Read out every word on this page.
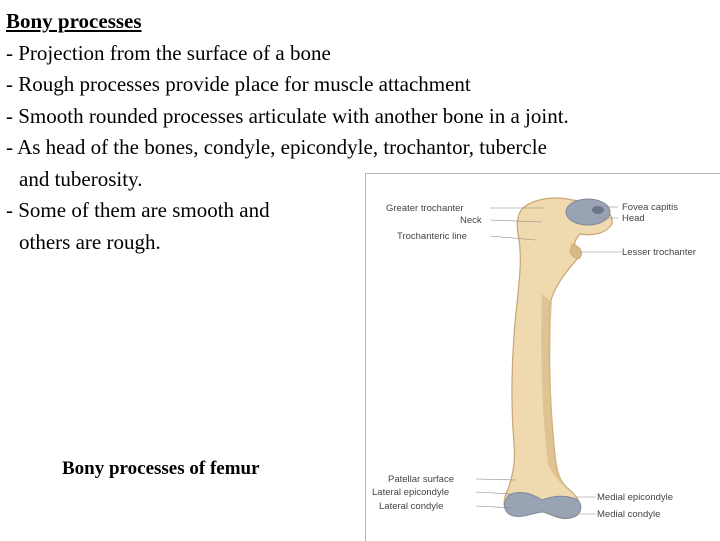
Bony processes
- Projection from the surface of a bone
- Rough processes provide place for muscle attachment
- Smooth rounded processes articulate with another bone in a joint.
- As head of the bones, condyle, epicondyle, trochantor, tubercle
and tuberosity.
- Some of them are smooth and
others are rough.
Bony processes of femur
Greater trochanter
Neck
Trochanteric line
Fovea capitis
Head
Lesser trochanter
Patellar surface
Lateral epicondyle
Lateral condyle
Medial epicondyle
Medial condyle
